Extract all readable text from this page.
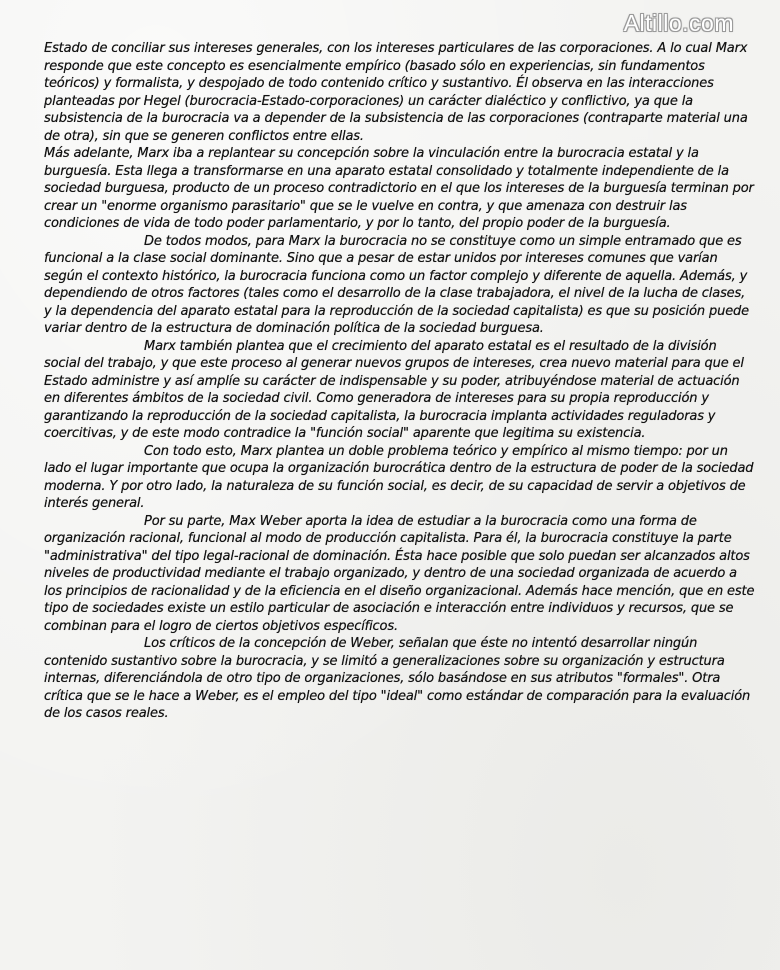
Altillo.com

Estado de conciliar sus intereses generales, con los intereses particulares de las corporaciones. A lo cual Marx responde que este concepto es esencialmente empírico (basado sólo en experiencias, sin fundamentos teóricos) y formalista, y despojado de todo contenido crítico y sustantivo. Él observa en las interacciones planteadas por Hegel (burocracia-Estado-corporaciones) un carácter dialéctico y conflictivo, ya que la subsistencia de la burocracia va a depender de la subsistencia de las corporaciones (contraparte material una de otra), sin que se generen conflictos entre ellas.

Más adelante, Marx iba a replantear su concepción sobre la vinculación entre la burocracia estatal y la burguesía. Esta llega a transformarse en una aparato estatal consolidado y totalmente independiente de la sociedad burguesa, producto de un proceso contradictorio en el que los intereses de la burguesía terminan por crear un "enorme organismo parasitario" que se le vuelve en contra, y que amenaza con destruir las condiciones de vida de todo poder parlamentario, y por lo tanto, del propio poder de la burguesía.

De todos modos, para Marx la burocracia no se constituye como un simple entramado que es funcional a la clase social dominante. Sino que a pesar de estar unidos por intereses comunes que varían según el contexto histórico, la burocracia funciona como un factor complejo y diferente de aquella. Además, y dependiendo de otros factores (tales como el desarrollo de la clase trabajadora, el nivel de la lucha de clases, y la dependencia del aparato estatal para la reproducción de la sociedad capitalista) es que su posición puede variar dentro de la estructura de dominación política de la sociedad burguesa.

Marx también plantea que el crecimiento del aparato estatal es el resultado de la división social del trabajo, y que este proceso al generar nuevos grupos de intereses, crea nuevo material para que el Estado administre y así amplíe su carácter de indispensable y su poder, atribuyéndose material de actuación en diferentes ámbitos de la sociedad civil. Como generadora de intereses para su propia reproducción y garantizando la reproducción de la sociedad capitalista, la burocracia implanta actividades reguladoras y coercitivas, y de este modo contradice la "función social" aparente que legitima su existencia.

Con todo esto, Marx plantea un doble problema teórico y empírico al mismo tiempo: por un lado el lugar importante que ocupa la organización burocrática dentro de la estructura de poder de la sociedad moderna. Y por otro lado, la naturaleza de su función social, es decir, de su capacidad de servir a objetivos de interés general.

Por su parte, Max Weber aporta la idea de estudiar a la burocracia como una forma de organización racional, funcional al modo de producción capitalista. Para él, la burocracia constituye la parte "administrativa" del tipo legal-racional de dominación. Ésta hace posible que solo puedan ser alcanzados altos niveles de productividad mediante el trabajo organizado, y dentro de una sociedad organizada de acuerdo a los principios de racionalidad y de la eficiencia en el diseño organizacional. Además hace mención, que en este tipo de sociedades existe un estilo particular de asociación e interacción entre individuos y recursos, que se combinan para el logro de ciertos objetivos específicos.

Los críticos de la concepción de Weber, señalan que éste no intentó desarrollar ningún contenido sustantivo sobre la burocracia, y se limitó a generalizaciones sobre su organización y estructura internas, diferenciándola de otro tipo de organizaciones, sólo basándose en sus atributos "formales". Otra crítica que se le hace a Weber, es el empleo del tipo "ideal" como estándar de comparación para la evaluación de los casos reales.
